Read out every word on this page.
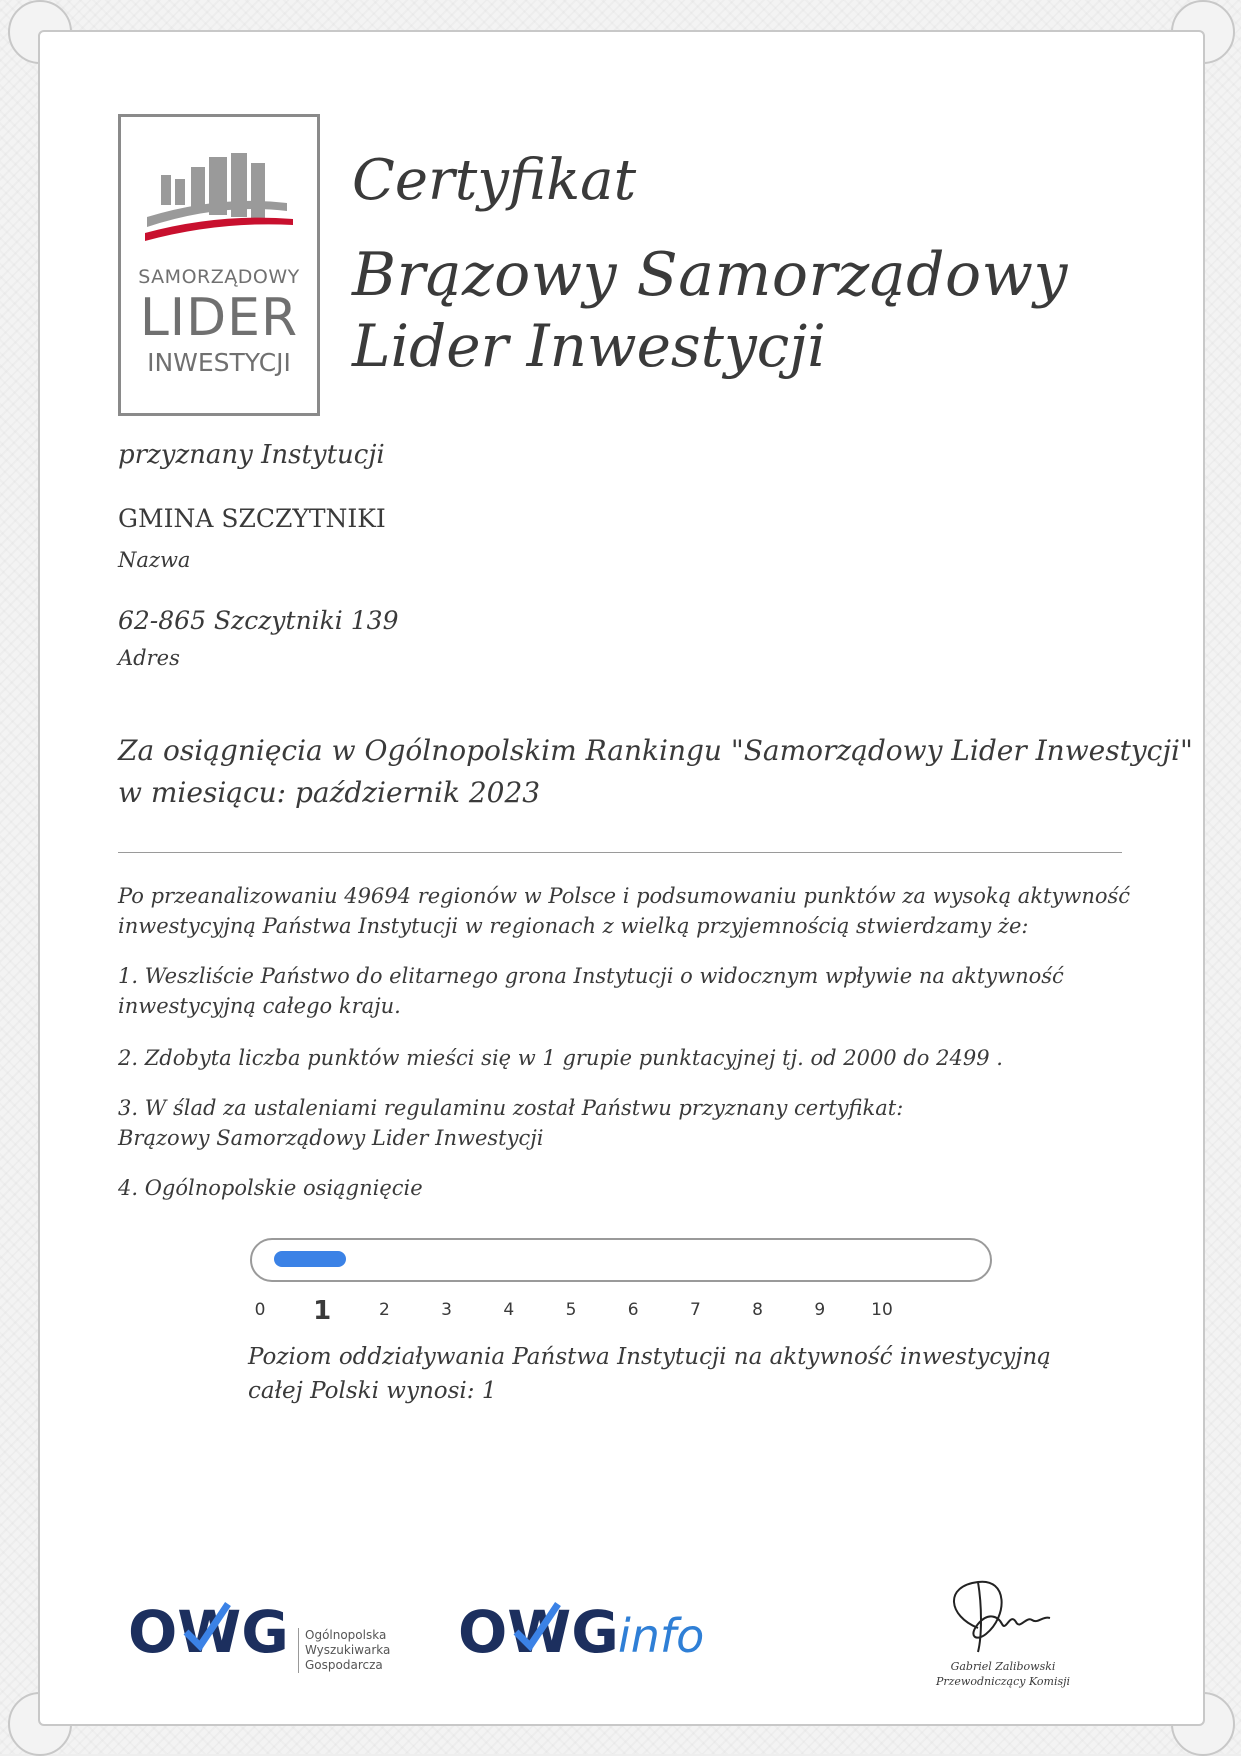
SAMORZĄDOWY
LIDER
INWESTYCJI
Certyfikat
Brązowy Samorządowy
Lider Inwestycji
przyznany Instytucji
GMINA SZCZYTNIKI
Nazwa
62-865 Szczytniki 139
Adres
Za osiągnięcia w Ogólnopolskim Rankingu "Samorządowy Lider Inwestycji"
w miesiącu: październik 2023
Po przeanalizowaniu 49694 regionów w Polsce i podsumowaniu punktów za wysoką aktywność
inwestycyjną Państwa Instytucji w regionach z wielką przyjemnością stwierdzamy że:
1. Weszliście Państwo do elitarnego grona Instytucji o widocznym wpływie na aktywność
inwestycyjną całego kraju.
2. Zdobyta liczba punktów mieści się w 1 grupie punktacyjnej tj. od 2000 do 2499 .
3. W ślad za ustaleniami regulaminu został Państwu przyznany certyfikat:
Brązowy Samorządowy Lider Inwestycji
4. Ogólnopolskie osiągnięcie
0	1	2	3	4	5	6	7	8	9	10
Poziom oddziaływania Państwa Instytucji na aktywność inwestycyjną
całej Polski wynosi: 1
OWG Ogólnopolska
Wyszukiwarka
Gospodarcza OWG info
Gabriel Zalibowski
Przewodniczący Komisji
